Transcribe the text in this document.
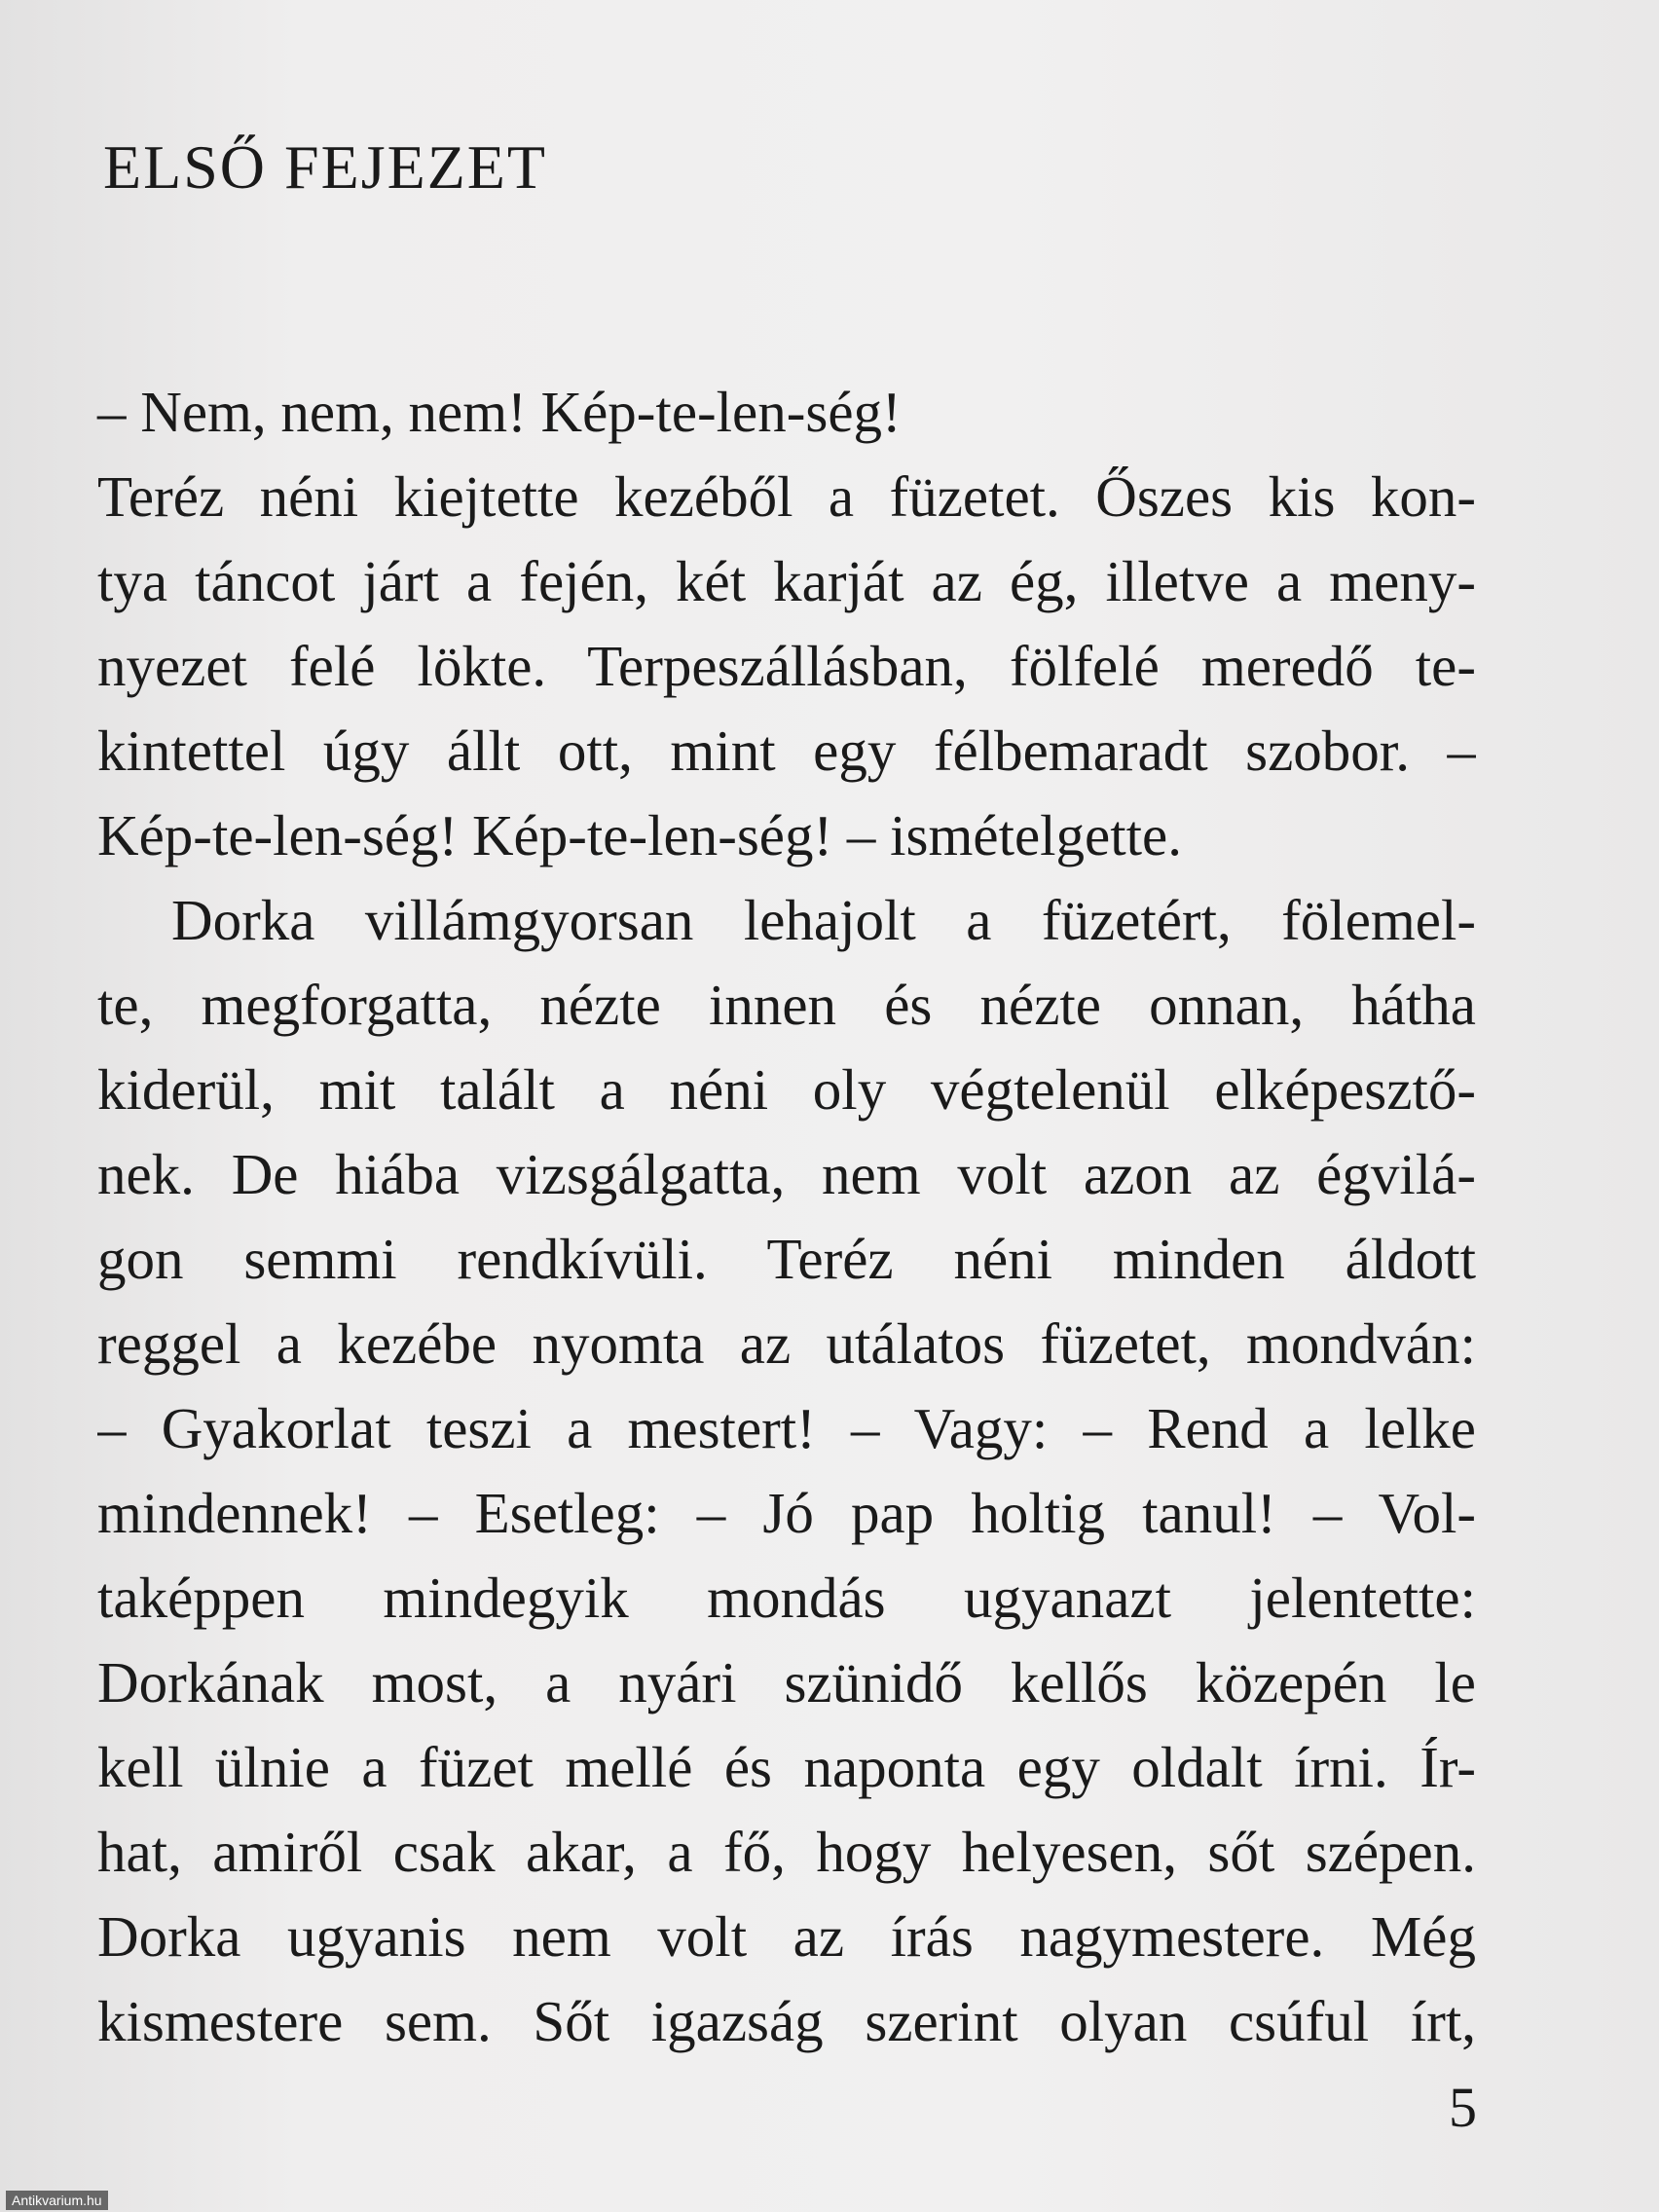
ELSŐ FEJEZET
– Nem, nem, nem! Kép-te-len-ség!
Teréz néni kiejtette kezéből a füzetet. Őszes kis kon-
tya táncot járt a fején, két karját az ég, illetve a meny-
nyezet felé lökte. Terpeszállásban, fölfelé meredő te-
kintettel úgy állt ott, mint egy félbemaradt szobor. –
Kép-te-len-ség! Kép-te-len-ség! – ismételgette.
Dorka villámgyorsan lehajolt a füzetért, fölemel-
te, megforgatta, nézte innen és nézte onnan, hátha
kiderül, mit talált a néni oly végtelenül elképesztő-
nek. De hiába vizsgálgatta, nem volt azon az égvilá-
gon semmi rendkívüli. Teréz néni minden áldott
reggel a kezébe nyomta az utálatos füzetet, mondván:
– Gyakorlat teszi a mestert! – Vagy: – Rend a lelke
mindennek! – Esetleg: – Jó pap holtig tanul! – Vol-
taképpen mindegyik mondás ugyanazt jelentette:
Dorkának most, a nyári szünidő kellős közepén le
kell ülnie a füzet mellé és naponta egy oldalt írni. Ír-
hat, amiről csak akar, a fő, hogy helyesen, sőt szépen.
Dorka ugyanis nem volt az írás nagymestere. Még
kismestere sem. Sőt igazság szerint olyan csúful írt,
5
Antikvarium.hu
